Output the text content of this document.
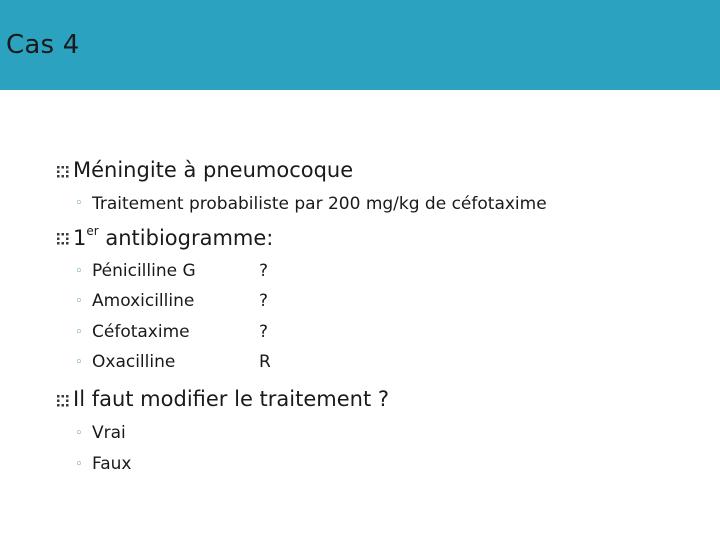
Cas 4
Méningite à pneumocoque
◦ Traitement probabiliste par 200 mg/kg de céfotaxime
1er antibiogramme:
◦ Pénicilline G	?
◦ Amoxicilline	?
◦ Céfotaxime	?
◦ Oxacilline	R
Il faut modifier le traitement ?
◦ Vrai
◦ Faux
